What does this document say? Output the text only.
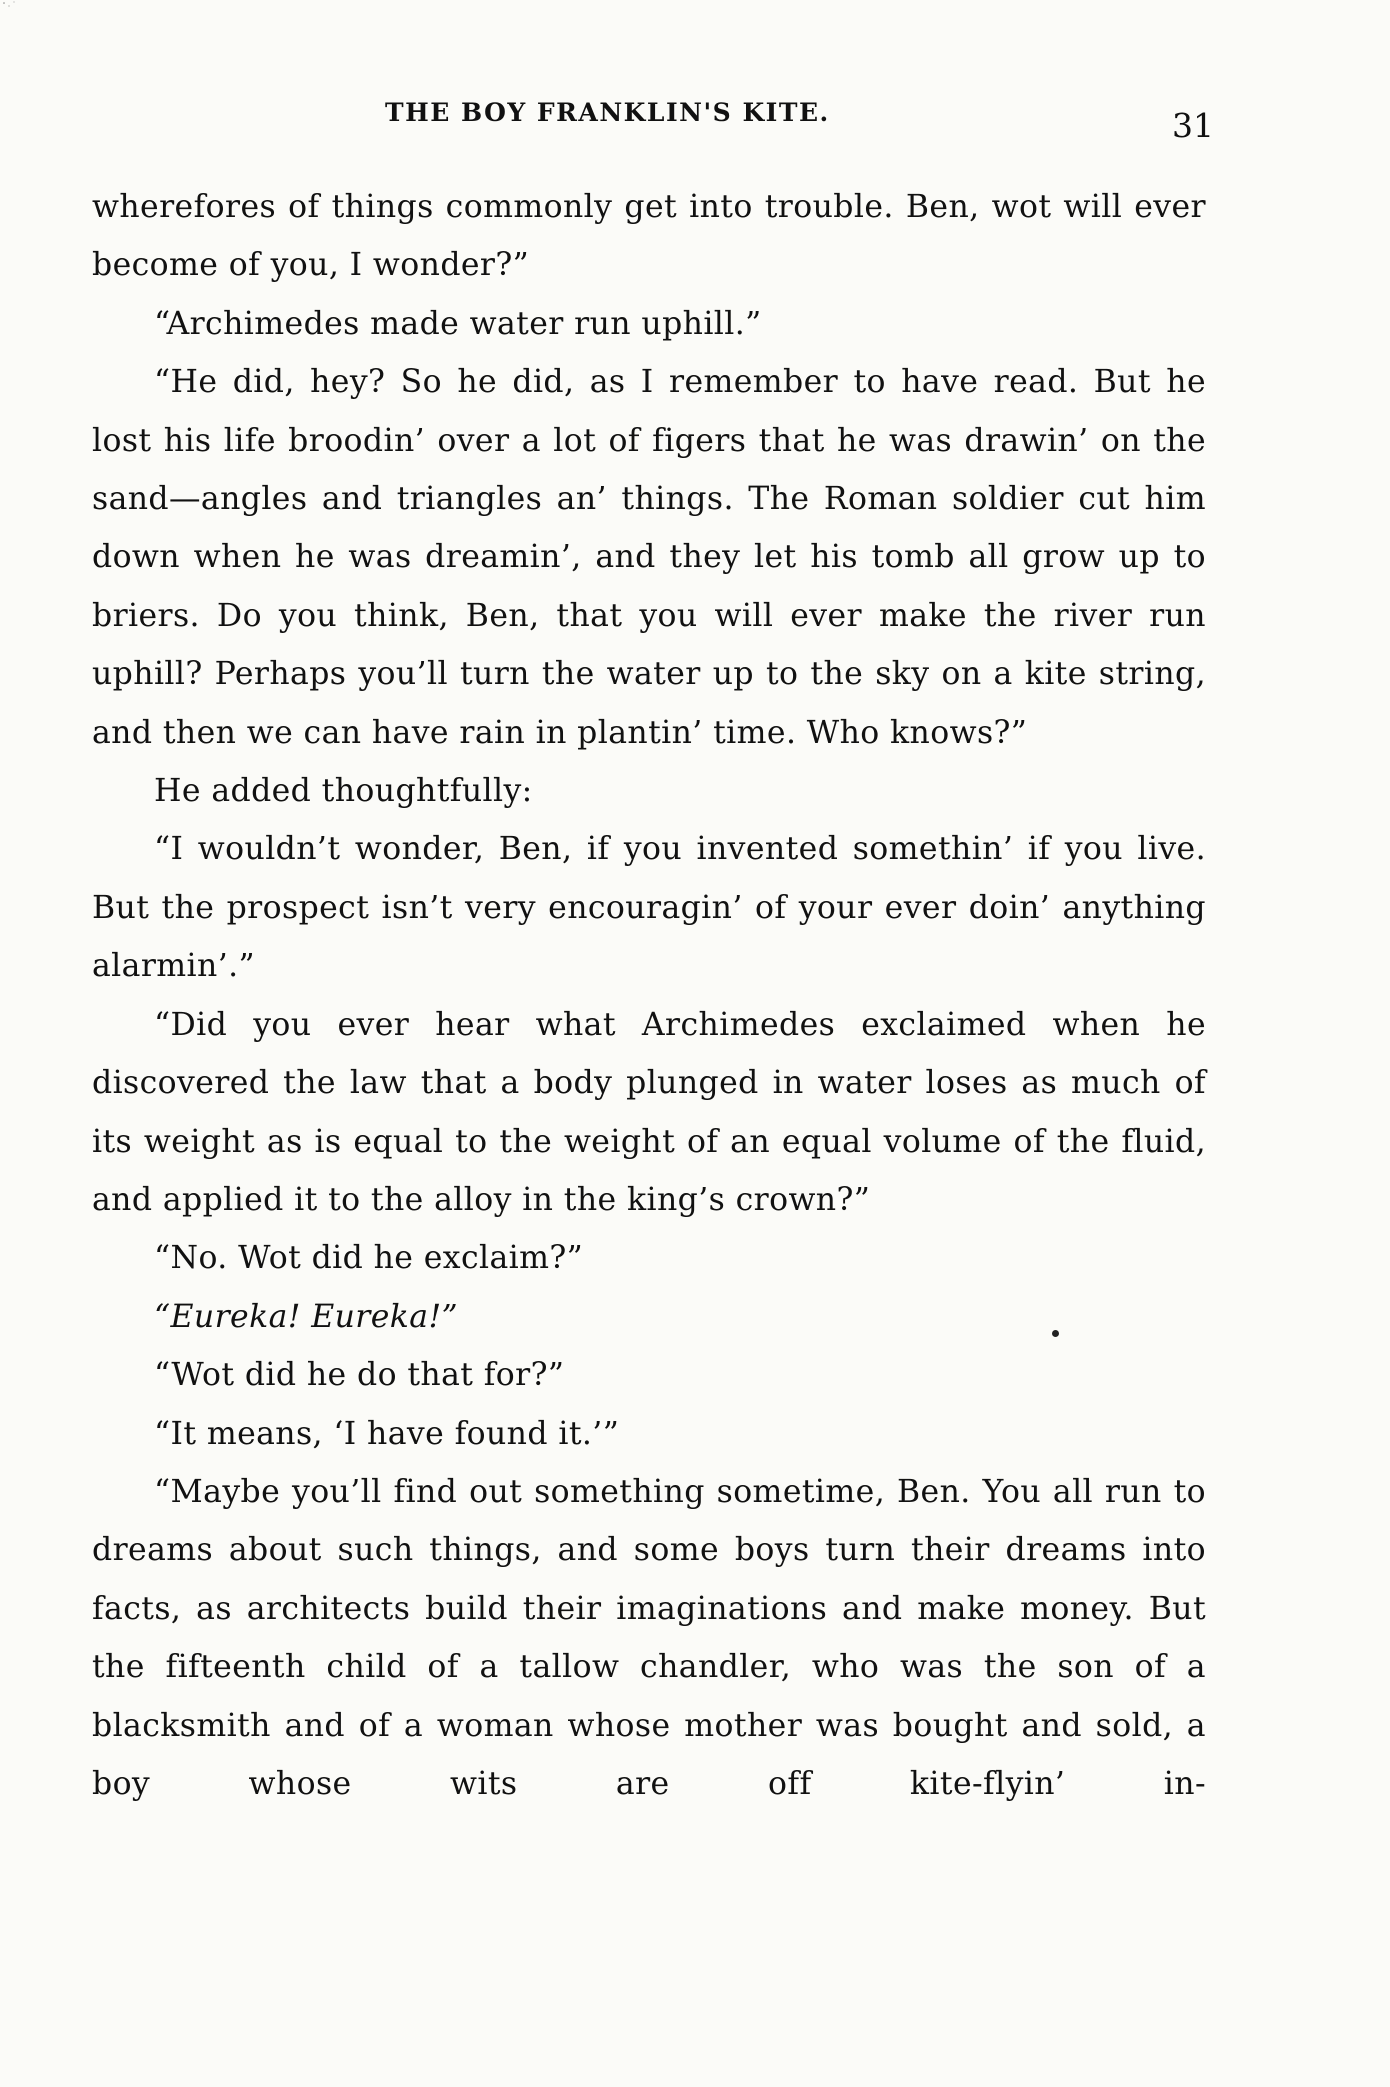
THE BOY FRANKLIN'S KITE.	31

wherefores of things commonly get into trouble. Ben, wot will ever become of you, I wonder?”

“Archimedes made water run uphill.”

“He did, hey? So he did, as I remember to have read. But he lost his life broodin’ over a lot of figers that he was drawin’ on the sand—angles and triangles an’ things. The Roman soldier cut him down when he was dreamin’, and they let his tomb all grow up to briers. Do you think, Ben, that you will ever make the river run uphill? Perhaps you’ll turn the water up to the sky on a kite string, and then we can have rain in plantin’ time. Who knows?”

He added thoughtfully:

“I wouldn’t wonder, Ben, if you invented somethin’ if you live. But the prospect isn’t very encouragin’ of your ever doin’ anything alarmin’.”

“Did you ever hear what Archimedes exclaimed when he discovered the law that a body plunged in water loses as much of its weight as is equal to the weight of an equal volume of the fluid, and applied it to the alloy in the king’s crown?”

“No. Wot did he exclaim?”

“Eureka! Eureka!”

“Wot did he do that for?”

“It means, ‘I have found it.’”

“Maybe you’ll find out something sometime, Ben. You all run to dreams about such things, and some boys turn their dreams into facts, as architects build their imaginations and make money. But the fifteenth child of a tallow chandler, who was the son of a blacksmith and of a woman whose mother was bought and sold, a boy whose wits are off kite-flyin’ in-
